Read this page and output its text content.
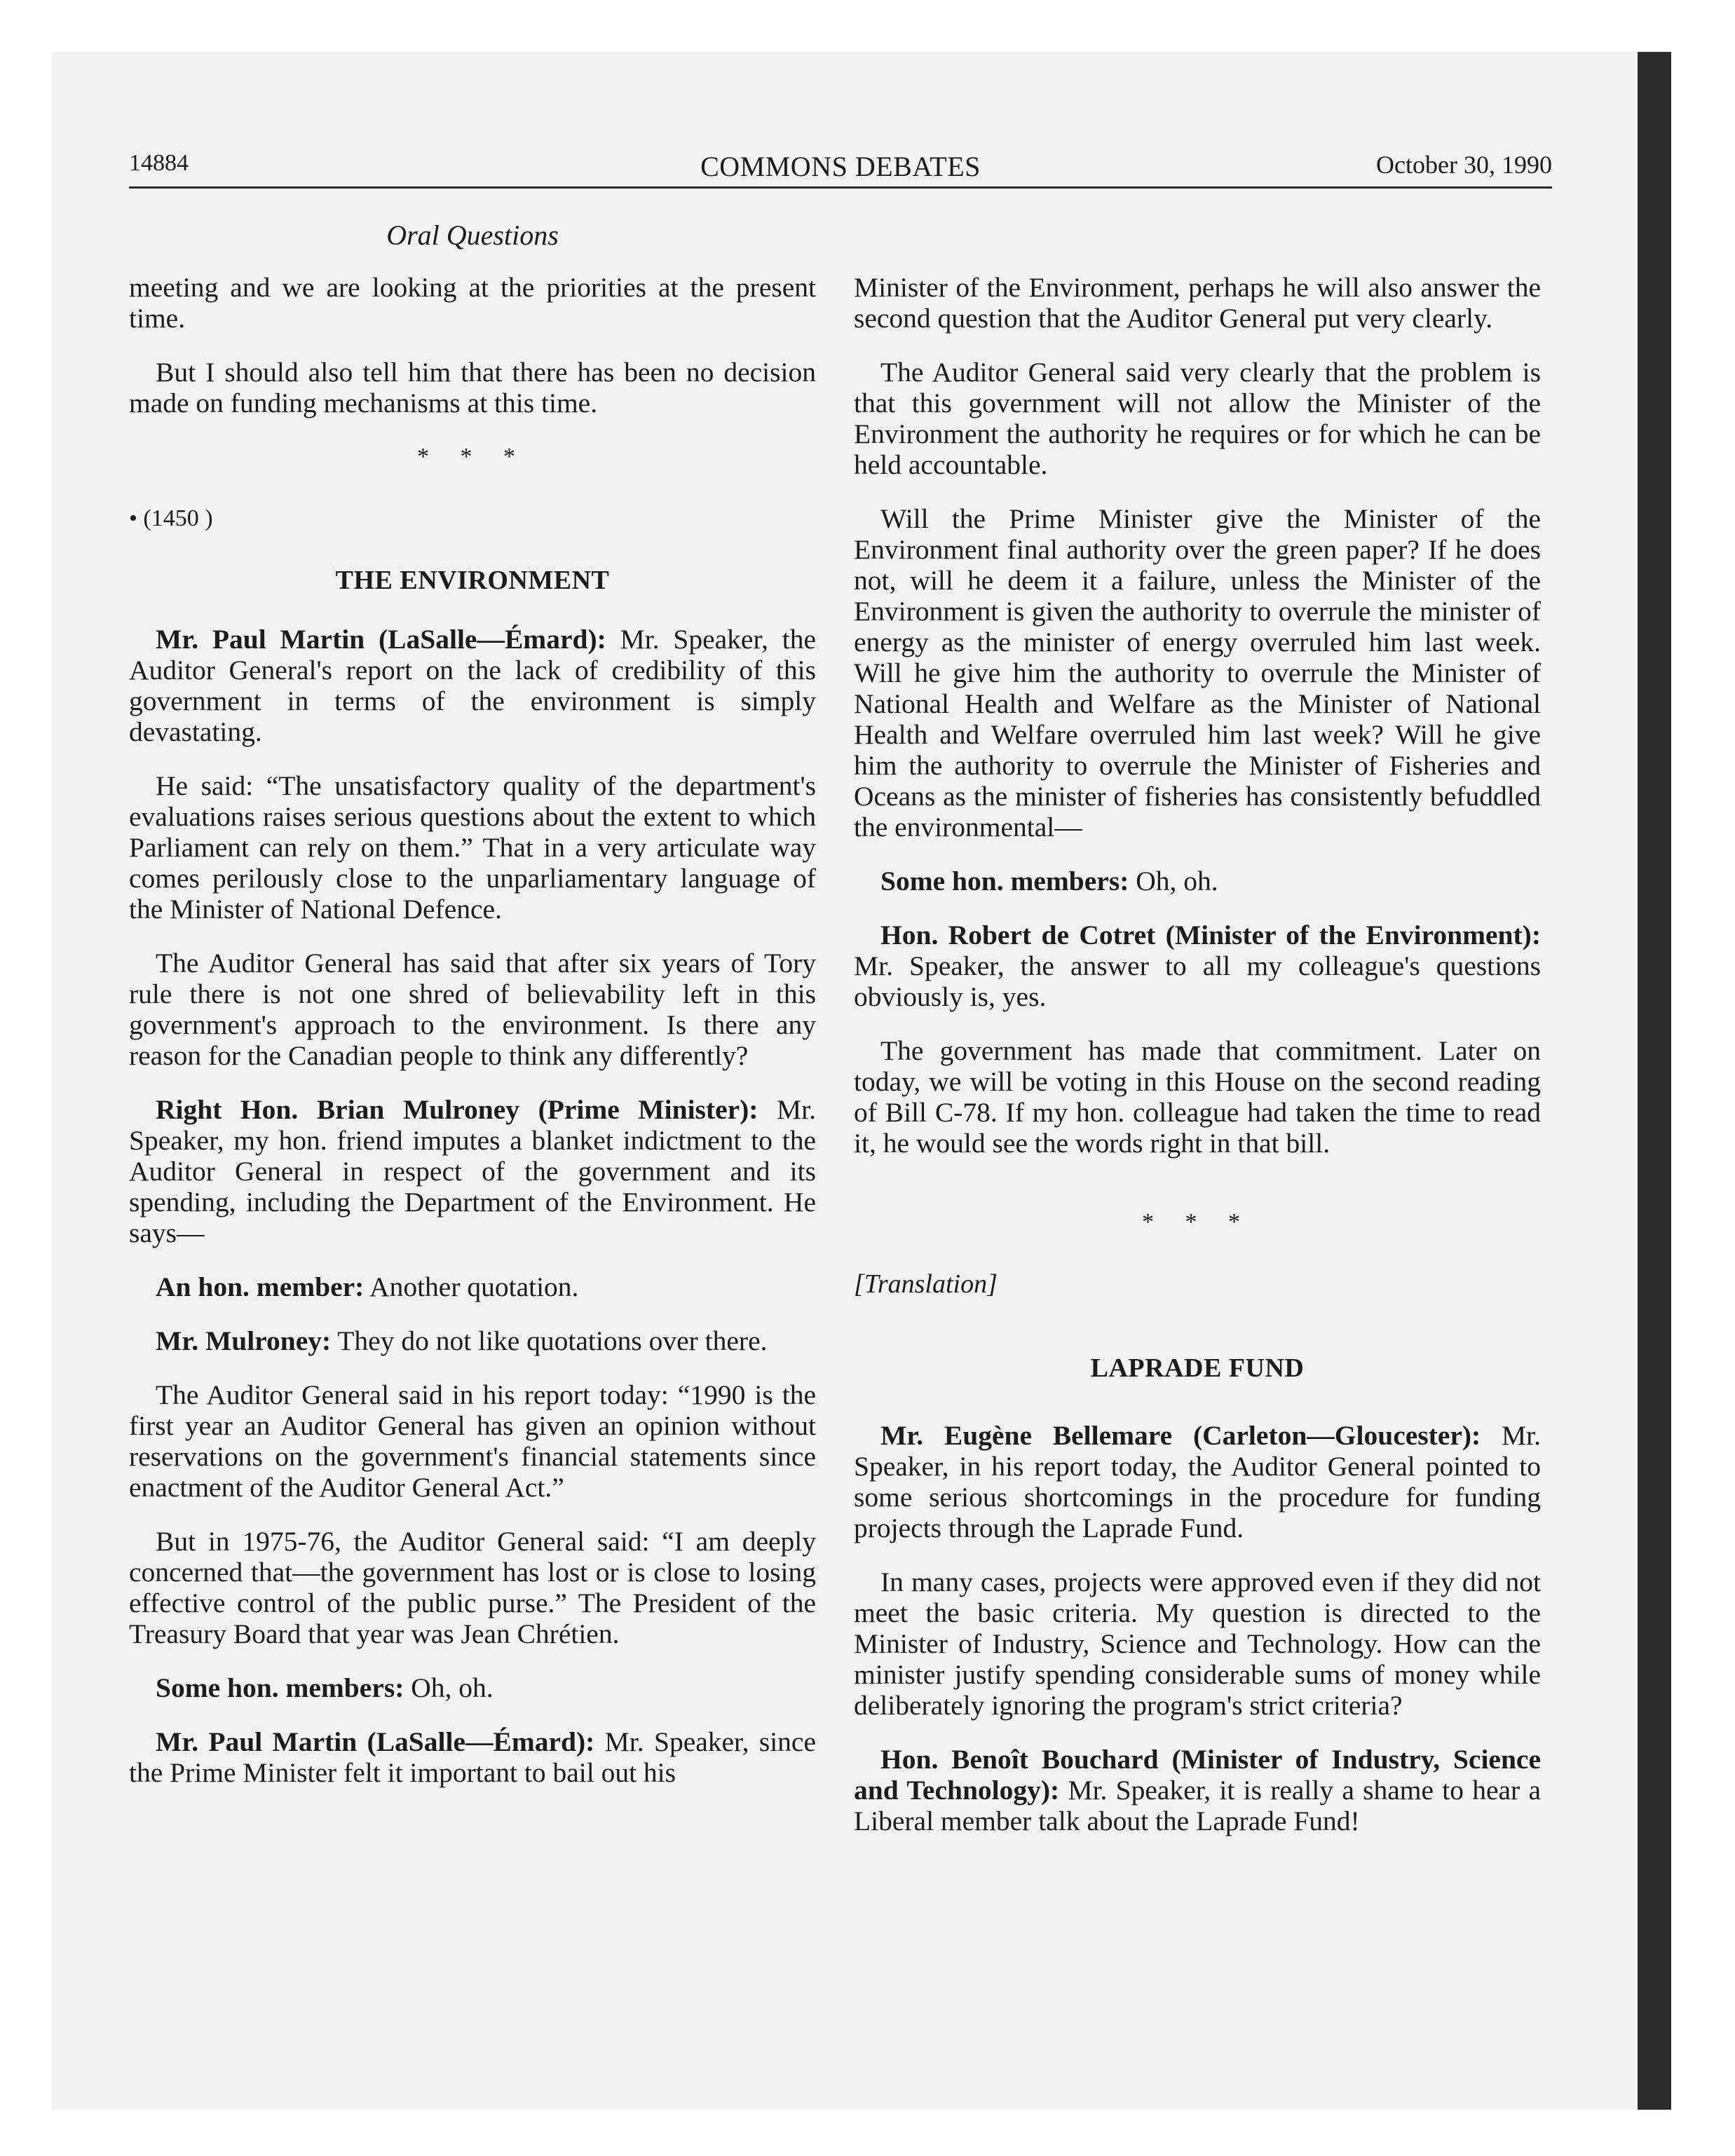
14884	COMMONS DEBATES	October 30, 1990
Oral Questions

meeting and we are looking at the priorities at the present time.

But I should also tell him that there has been no decision made on funding mechanisms at this time.

* * *
• (1450 )
THE ENVIRONMENT

Mr. Paul Martin (LaSalle—Émard): Mr. Speaker, the Auditor General's report on the lack of credibility of this government in terms of the environment is simply devastating.

He said: “The unsatisfactory quality of the department's evaluations raises serious questions about the extent to which Parliament can rely on them.” That in a very articulate way comes perilously close to the unparliamentary language of the Minister of National Defence.

The Auditor General has said that after six years of Tory rule there is not one shred of believability left in this government's approach to the environment. Is there any reason for the Canadian people to think any differently?

Right Hon. Brian Mulroney (Prime Minister): Mr. Speaker, my hon. friend imputes a blanket indictment to the Auditor General in respect of the government and its spending, including the Department of the Environment. He says—

An hon. member: Another quotation.

Mr. Mulroney: They do not like quotations over there.

The Auditor General said in his report today: “1990 is the first year an Auditor General has given an opinion without reservations on the government's financial statements since enactment of the Auditor General Act.”

But in 1975-76, the Auditor General said: “I am deeply concerned that—the government has lost or is close to losing effective control of the public purse.” The President of the Treasury Board that year was Jean Chrétien.

Some hon. members: Oh, oh.

Mr. Paul Martin (LaSalle—Émard): Mr. Speaker, since the Prime Minister felt it important to bail out his

Minister of the Environment, perhaps he will also answer the second question that the Auditor General put very clearly.

The Auditor General said very clearly that the problem is that this government will not allow the Minister of the Environment the authority he requires or for which he can be held accountable.

Will the Prime Minister give the Minister of the Environment final authority over the green paper? If he does not, will he deem it a failure, unless the Minister of the Environment is given the authority to overrule the minister of energy as the minister of energy overruled him last week. Will he give him the authority to overrule the Minister of National Health and Welfare as the Minister of National Health and Welfare overruled him last week? Will he give him the authority to overrule the Minister of Fisheries and Oceans as the minister of fisheries has consistently befuddled the environmental—

Some hon. members: Oh, oh.

Hon. Robert de Cotret (Minister of the Environment): Mr. Speaker, the answer to all my colleague's questions obviously is, yes.

The government has made that commitment. Later on today, we will be voting in this House on the second reading of Bill C-78. If my hon. colleague had taken the time to read it, he would see the words right in that bill.

* * *
[Translation]
LAPRADE FUND

Mr. Eugène Bellemare (Carleton—Gloucester): Mr. Speaker, in his report today, the Auditor General pointed to some serious shortcomings in the procedure for funding projects through the Laprade Fund.

In many cases, projects were approved even if they did not meet the basic criteria. My question is directed to the Minister of Industry, Science and Technology. How can the minister justify spending considerable sums of money while deliberately ignoring the program's strict criteria?

Hon. Benoît Bouchard (Minister of Industry, Science and Technology): Mr. Speaker, it is really a shame to hear a Liberal member talk about the Laprade Fund!
